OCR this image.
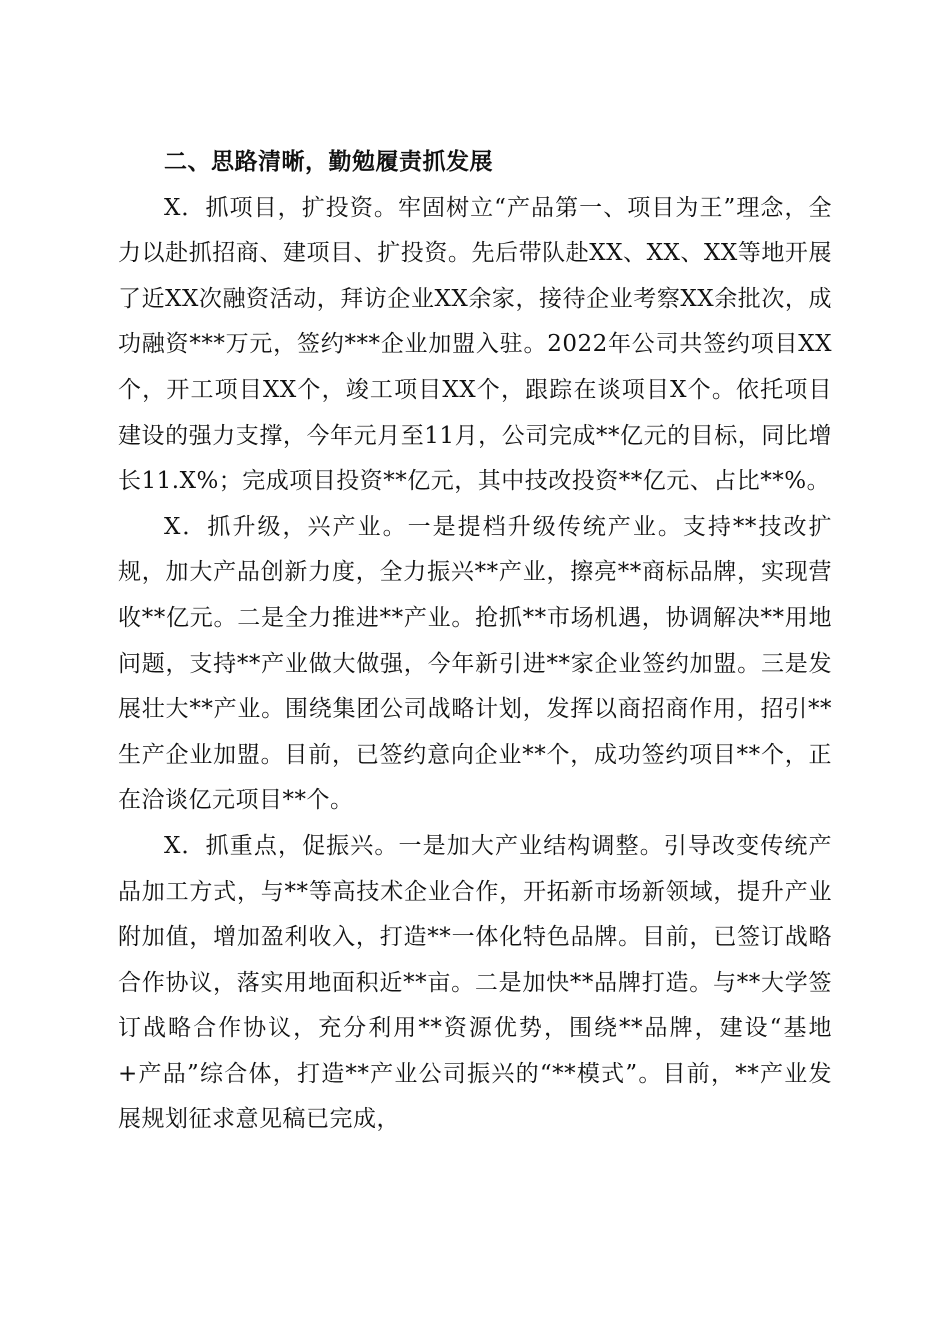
二、思路清晰，勤勉履责抓发展

X．抓项目，扩投资。牢固树立“产品第一、项目为王”理念，全力以赴抓招商、建项目、扩投资。先后带队赴XX、XX、XX等地开展了近XX次融资活动，拜访企业XX余家，接待企业考察XX余批次，成功融资***万元，签约***企业加盟入驻。2022年公司共签约项目XX个，开工项目XX个，竣工项目XX个，跟踪在谈项目X个。依托项目建设的强力支撑，今年元月至11月，公司完成**亿元的目标，同比增长11.X%；完成项目投资**亿元，其中技改投资**亿元、占比**%。

X．抓升级，兴产业。一是提档升级传统产业。支持**技改扩规，加大产品创新力度，全力振兴**产业，擦亮**商标品牌，实现营收**亿元。二是全力推进**产业。抢抓**市场机遇，协调解决**用地问题，支持**产业做大做强，今年新引进**家企业签约加盟。三是发展壮大**产业。围绕集团公司战略计划，发挥以商招商作用，招引**生产企业加盟。目前，已签约意向企业**个，成功签约项目**个，正在洽谈亿元项目**个。

X．抓重点，促振兴。一是加大产业结构调整。引导改变传统产品加工方式，与**等高技术企业合作，开拓新市场新领域，提升产业附加值，增加盈利收入，打造**一体化特色品牌。目前，已签订战略合作协议，落实用地面积近**亩。二是加快**品牌打造。与**大学签订战略合作协议，充分利用**资源优势，围绕**品牌，建设“基地+产品”综合体，打造**产业公司振兴的“**模式”。目前，**产业发展规划征求意见稿已完成，
